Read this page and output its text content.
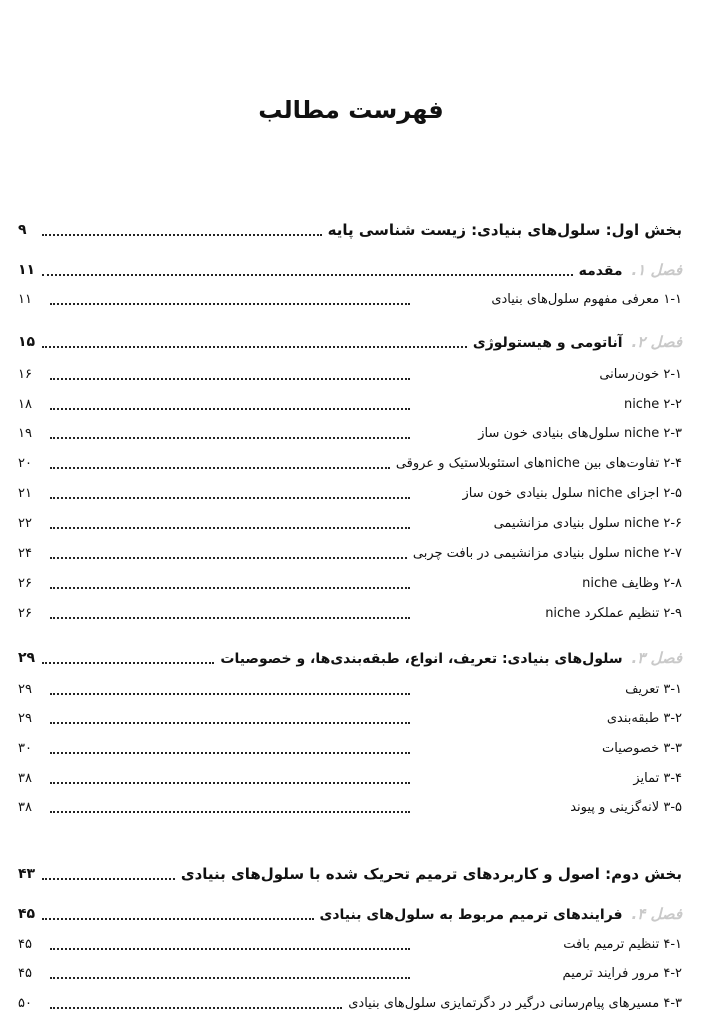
فهرست مطالب
بخش اول: سلول‌های بنیادی: زیست شناسی پایه
۹
فصل ۱. مقدمه
۱۱
۱-۱ معرفی مفهوم سلول‌های بنیادی
۱۱
فصل ۲. آناتومی و هیستولوژی
۱۵
۲-۱ خون‌رسانی
۱۶
۲-۲ niche
۱۸
۲-۳ niche سلول‌های بنیادی خون ساز
۱۹
۲-۴ تفاوت‌های بین nicheهای استئوبلاستیک و عروقی
۲۰
۲-۵ اجزای niche سلول بنیادی خون ساز
۲۱
۲-۶ niche سلول بنیادی مزانشیمی
۲۲
۲-۷ niche سلول بنیادی مزانشیمی در بافت چربی
۲۴
۲-۸ وظایف niche
۲۶
۲-۹ تنظیم عملکرد niche
۲۶
فصل ۳. سلول‌های بنیادی: تعریف، انواع، طبقه‌بندی‌ها، و خصوصیات
۲۹
۳-۱ تعریف
۲۹
۳-۲ طبقه‌بندی
۲۹
۳-۳ خصوصیات
۳۰
۳-۴ تمایز
۳۸
۳-۵ لانه‌گزینی و پیوند
۳۸
بخش دوم: اصول و کاربردهای ترمیم تحریک شده با سلول‌های بنیادی
۴۳
فصل ۴. فرایندهای ترمیم مربوط به سلول‌های بنیادی
۴۵
۴-۱ تنظیم ترمیم بافت
۴۵
۴-۲ مرور فرایند ترمیم
۴۵
۴-۳ مسیرهای پیام‌رسانی درگیر در دگرتمایزی سلول‌های بنیادی
۵۰
